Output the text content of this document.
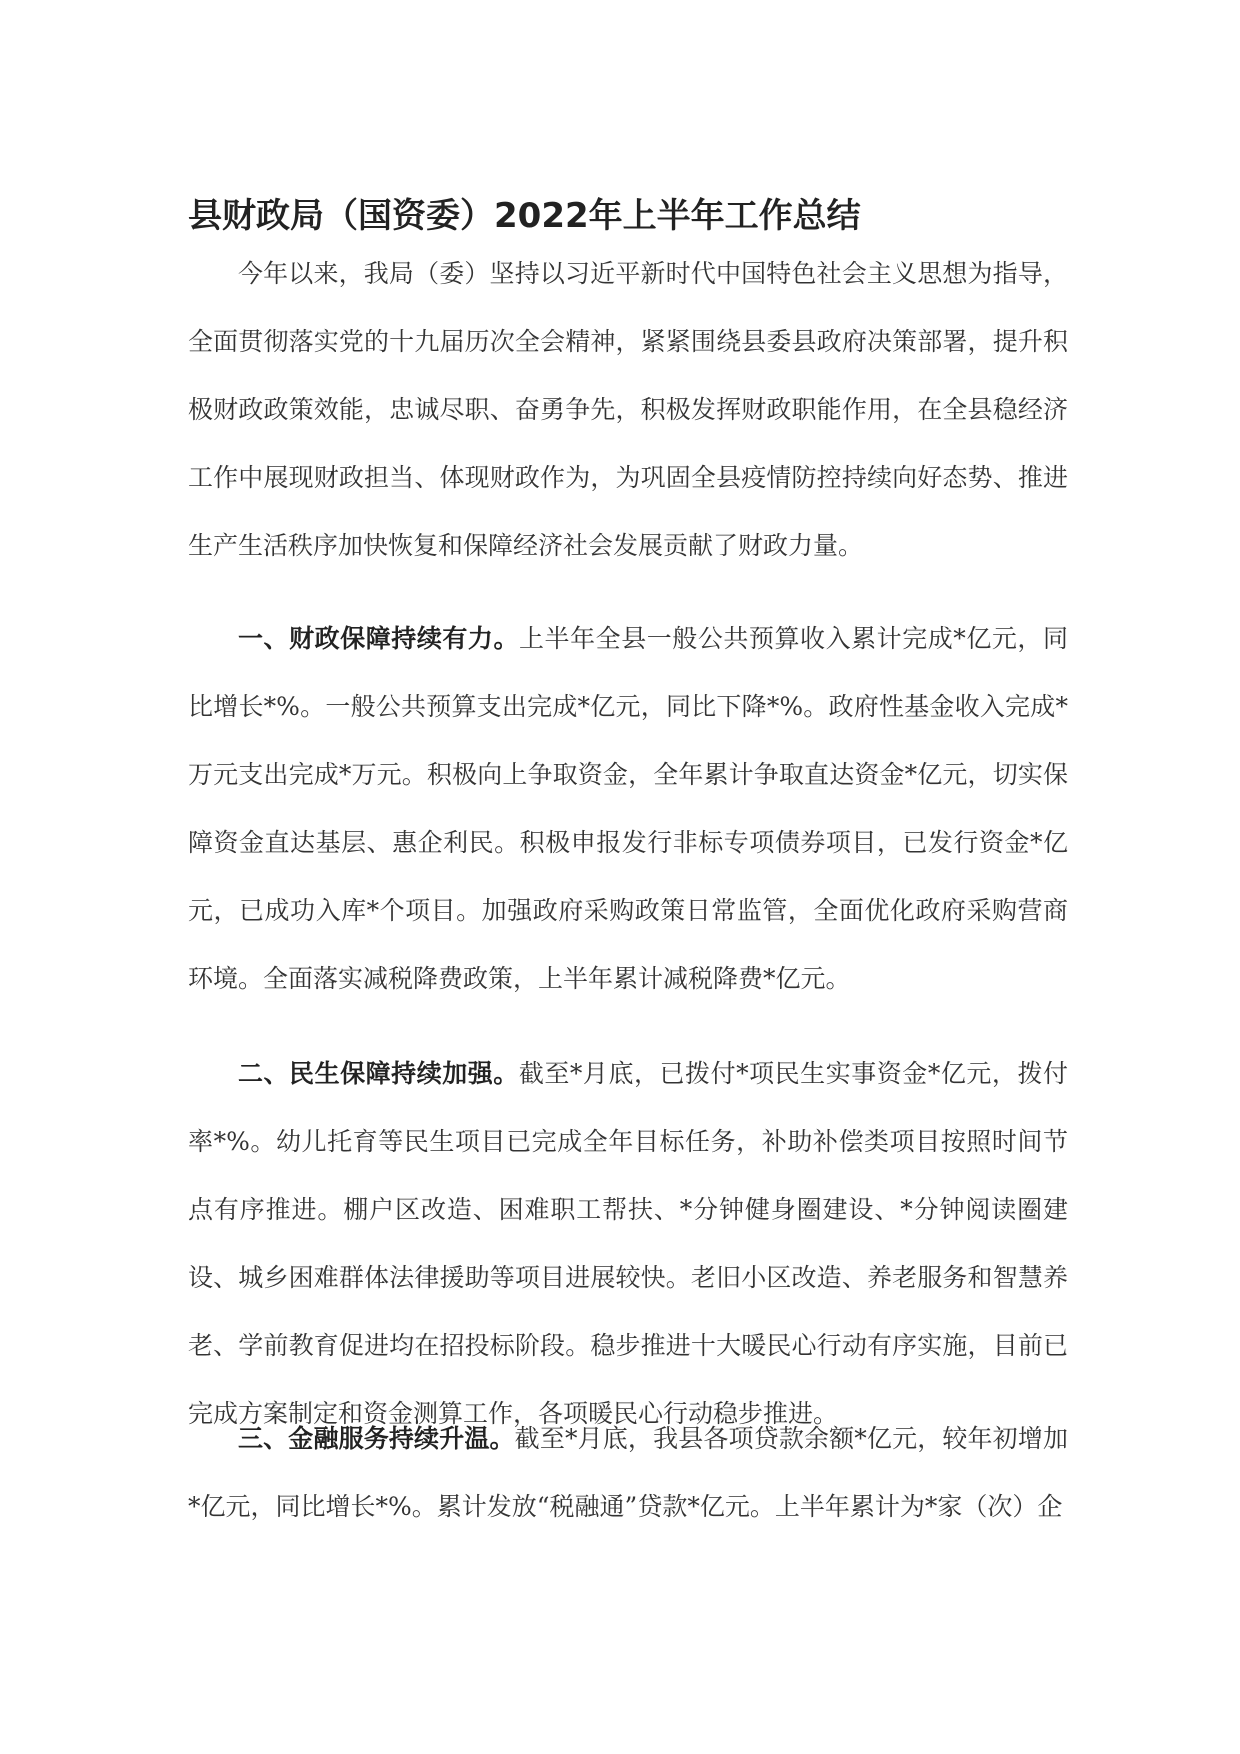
县财政局（国资委）2022年上半年工作总结

今年以来，我局（委）坚持以习近平新时代中国特色社会主义思想为指导，全面贯彻落实党的十九届历次全会精神，紧紧围绕县委县政府决策部署，提升积极财政政策效能，忠诚尽职、奋勇争先，积极发挥财政职能作用，在全县稳经济工作中展现财政担当、体现财政作为，为巩固全县疫情防控持续向好态势、推进生产生活秩序加快恢复和保障经济社会发展贡献了财政力量。

一、财政保障持续有力。上半年全县一般公共预算收入累计完成*亿元，同比增长*%。一般公共预算支出完成*亿元，同比下降*%。政府性基金收入完成*万元支出完成*万元。积极向上争取资金，全年累计争取直达资金*亿元，切实保障资金直达基层、惠企利民。积极申报发行非标专项债券项目，已发行资金*亿元，已成功入库*个项目。加强政府采购政策日常监管，全面优化政府采购营商环境。全面落实减税降费政策，上半年累计减税降费*亿元。

二、民生保障持续加强。截至*月底，已拨付*项民生实事资金*亿元，拨付率*%。幼儿托育等民生项目已完成全年目标任务，补助补偿类项目按照时间节点有序推进。棚户区改造、困难职工帮扶、*分钟健身圈建设、*分钟阅读圈建设、城乡困难群体法律援助等项目进展较快。老旧小区改造、养老服务和智慧养老、学前教育促进均在招投标阶段。稳步推进十大暖民心行动有序实施，目前已完成方案制定和资金测算工作，各项暖民心行动稳步推进。

三、金融服务持续升温。截至*月底，我县各项贷款余额*亿元，较年初增加*亿元，同比增长*%。累计发放“税融通”贷款*亿元。上半年累计为*家（次）企
